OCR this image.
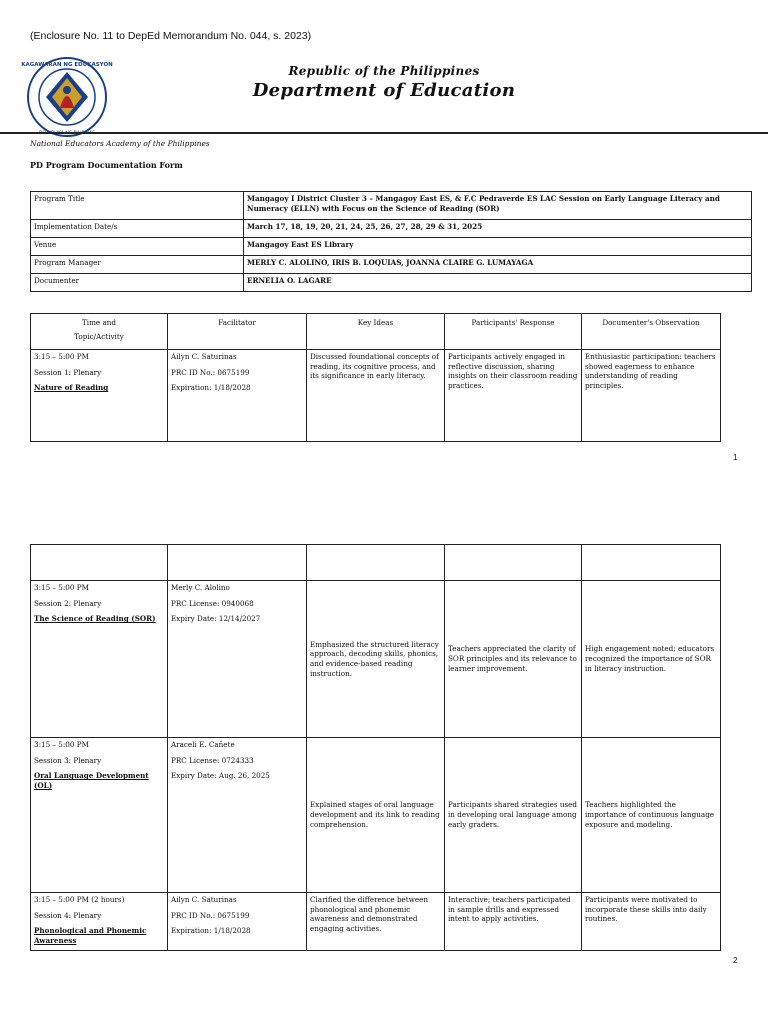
(Enclosure No. 11 to DepEd Memorandum No. 044, s. 2023)
KAGAWARAN NG EDUKASYON
REPUBLIKA NG PILIPINAS
Republic of the Philippines
Department of Education
National Educators Academy of the Philippines
PD Program Documentation Form
Program Title	Mangagoy I District Cluster 3 – Mangagoy East ES, & F.C Pedraverde ES LAC Session on Early Language Literacy and Numeracy (ELLN) with Focus on the Science of Reading (SOR)
Implementation Date/s	March 17, 18, 19, 20, 21, 24, 25, 26, 27, 28, 29 & 31, 2025
Venue	Mangagoy East ES Library
Program Manager	MERLY C. ALOLINO, IRIS B. LOQUIAS, JOANNA CLAIRE G. LUMAYAGA
Documenter	ERNELIA O. LAGARE
Time and
Topic/Activity	Facilitator	Key Ideas	Participants' Response	Documenter's Observation

3:15 – 5:00 PM
Session 1: Plenary
Nature of Reading	Ailyn C. Saturinas
PRC ID No.: 0675199
Expiration: 1/18/2028	Discussed foundational concepts of reading, its cognitive process, and its significance in early literacy.	Participants actively engaged in reflective discussion, sharing insights on their classroom reading practices.	Enthusiastic participation: teachers showed eagerness to enhance understanding of reading principles.
1

3:15 – 5:00 PM
Session 2: Plenary
The Science of Reading (SOR)	Merly C. Alolino
PRC License: 0940068
Expiry Date: 12/14/2027	Emphasized the structured literacy approach, decoding skills, phonics, and evidence-based reading instruction.	Teachers appreciated the clarity of SOR principles and its relevance to learner improvement.	High engagement noted; educators recognized the importance of SOR in literacy instruction.

3:15 – 5:00 PM
Session 3: Plenary
Oral Language Development (OL)	Araceli E. Cañete
PRC License: 0724333
Expiry Date: Aug. 26, 2025	Explained stages of oral language development and its link to reading comprehension.	Participants shared strategies used in developing oral language among early graders.	Teachers highlighted the importance of continuous language exposure and modeling.

3:15 – 5:00 PM (2 hours)
Session 4: Plenary
Phonological and Phonemic Awareness	Ailyn C. Saturinas
PRC ID No.: 0675199
Expiration: 1/18/2028	Clarified the difference between phonological and phonemic awareness and demonstrated engaging activities.	Interactive; teachers participated in sample drills and expressed intent to apply activities.	Participants were motivated to incorporate these skills into daily routines.
2
